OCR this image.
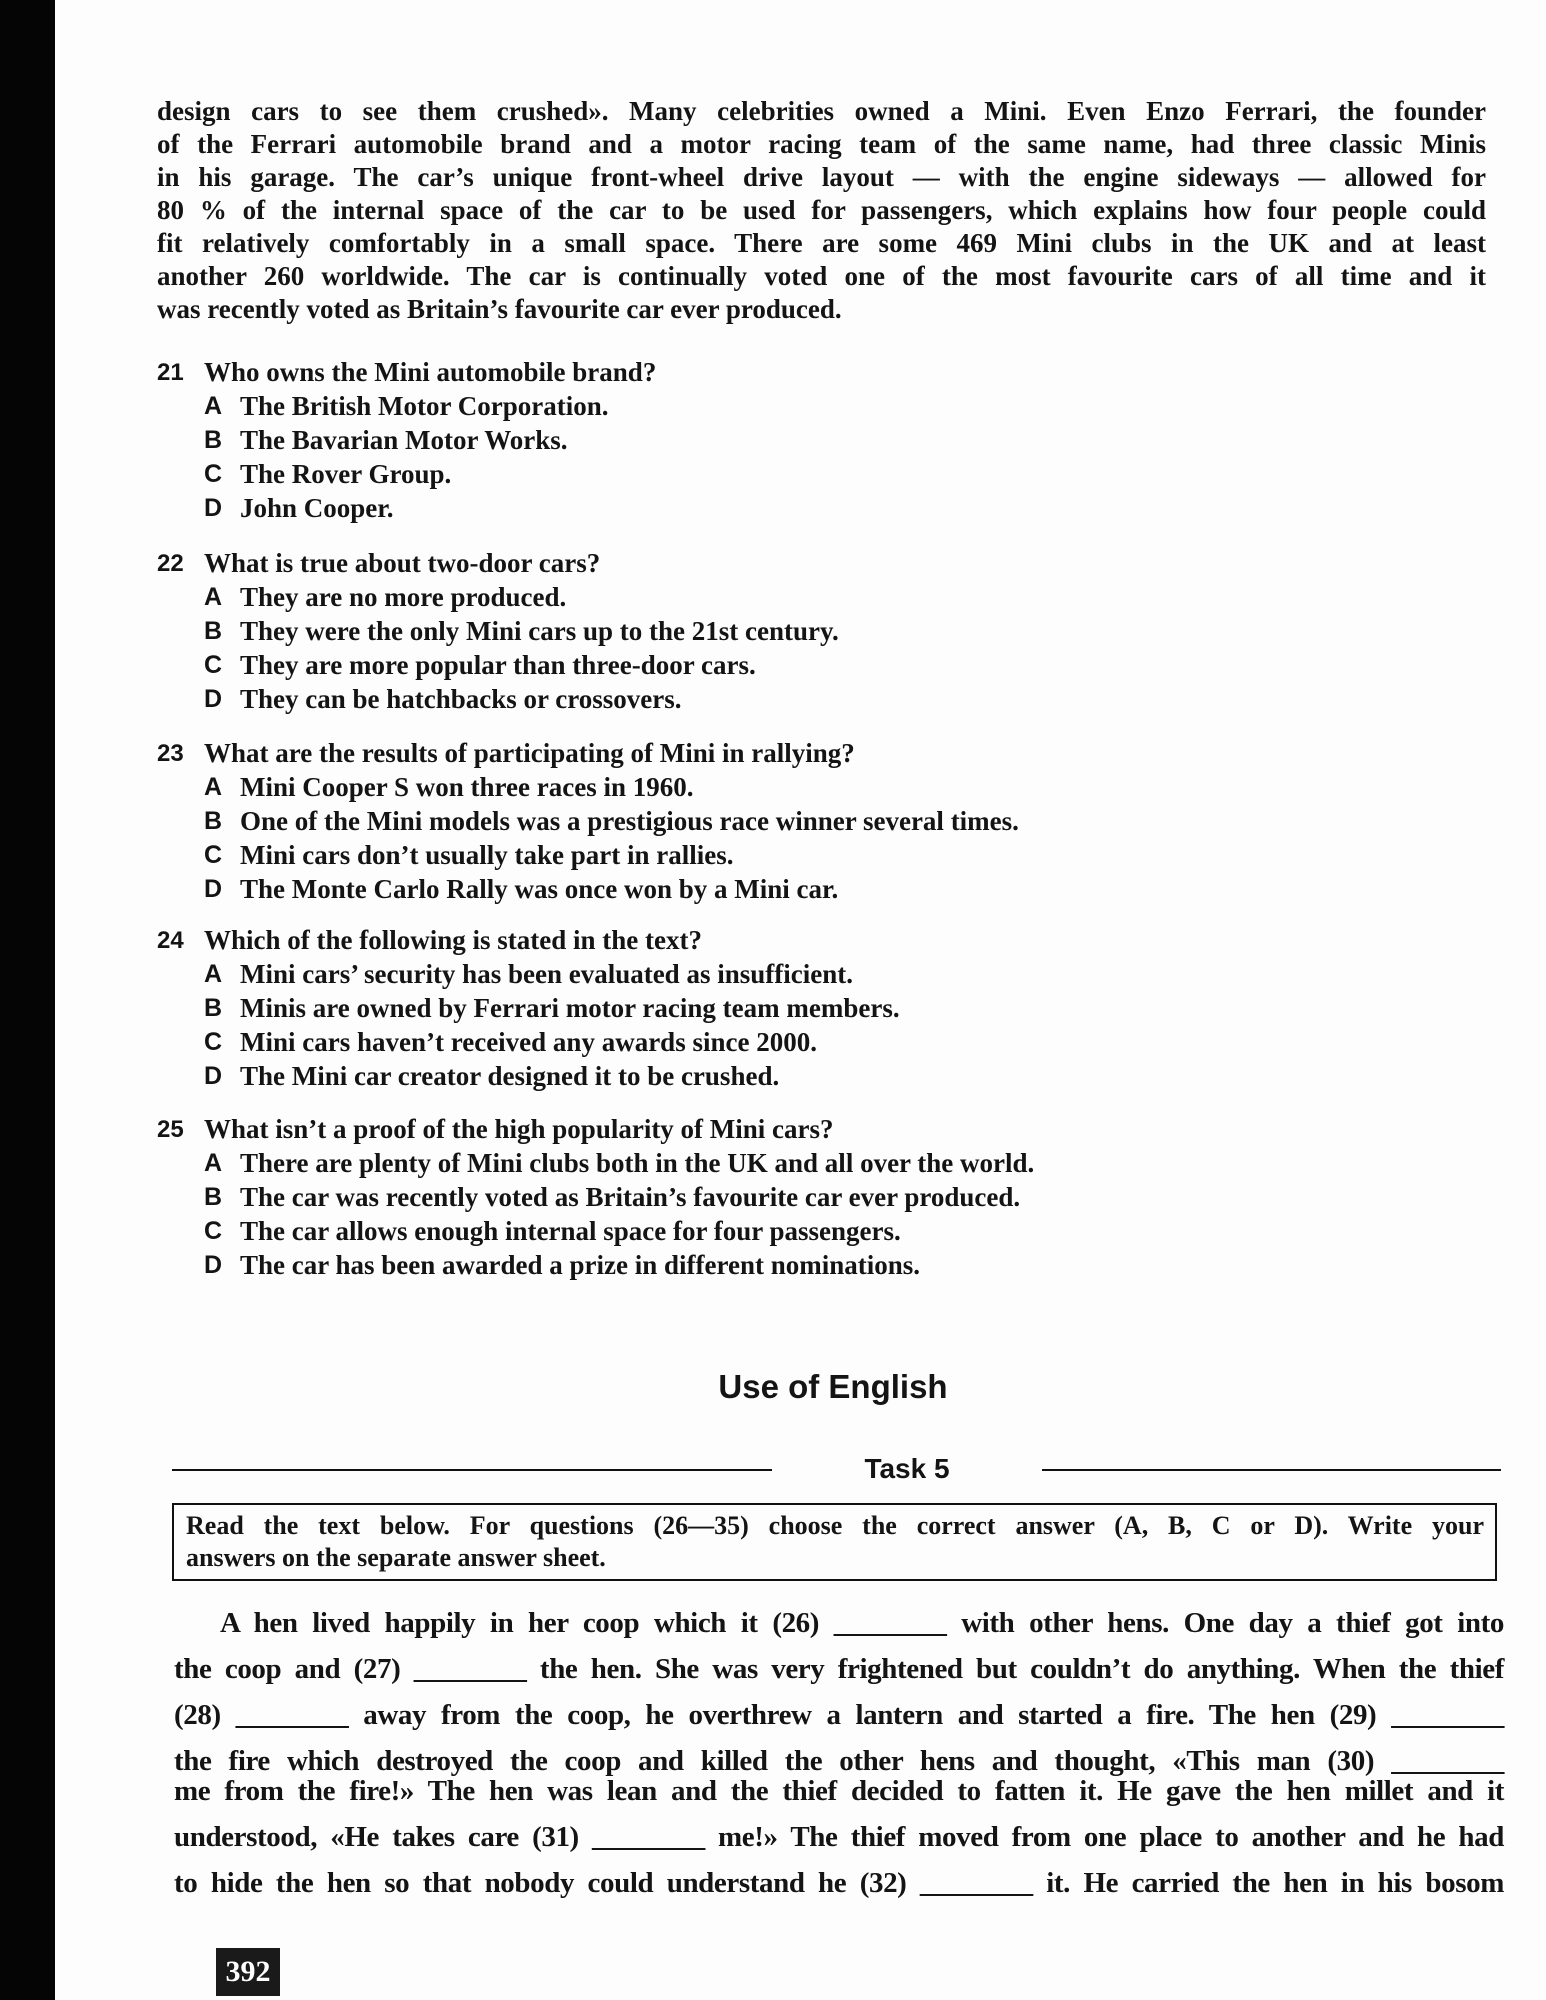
design cars to see them crushed». Many celebrities owned a Mini. Even Enzo Ferrari, the founder
of the Ferrari automobile brand and a motor racing team of the same name, had three classic Minis
in his garage. The car’s unique front-wheel drive layout — with the engine sideways — allowed for
80 % of the internal space of the car to be used for passengers, which explains how four people could
fit relatively comfortably in a small space. There are some 469 Mini clubs in the UK and at least
another 260 worldwide. The car is continually voted one of the most favourite cars of all time and it
was recently voted as Britain’s favourite car ever produced.
21 Who owns the Mini automobile brand?
A The British Motor Corporation.
B The Bavarian Motor Works.
C The Rover Group.
D John Cooper.
22 What is true about two-door cars?
A They are no more produced.
B They were the only Mini cars up to the 21st century.
C They are more popular than three-door cars.
D They can be hatchbacks or crossovers.
23 What are the results of participating of Mini in rallying?
A Mini Cooper S won three races in 1960.
B One of the Mini models was a prestigious race winner several times.
C Mini cars don’t usually take part in rallies.
D The Monte Carlo Rally was once won by a Mini car.
24 Which of the following is stated in the text?
A Mini cars’ security has been evaluated as insufficient.
B Minis are owned by Ferrari motor racing team members.
C Mini cars haven’t received any awards since 2000.
D The Mini car creator designed it to be crushed.
25 What isn’t a proof of the high popularity of Mini cars?
A There are plenty of Mini clubs both in the UK and all over the world.
B The car was recently voted as Britain’s favourite car ever produced.
C The car allows enough internal space for four passengers.
D The car has been awarded a prize in different nominations.
Use of English
Task 5
Read the text below. For questions (26—35) choose the correct answer (A, B, C or D). Write your
answers on the separate answer sheet.
A hen lived happily in her coop which it (26) ________ with other hens. One day a thief got into
the coop and (27) ________ the hen. She was very frightened but couldn’t do anything. When the thief
(28) ________ away from the coop, he overthrew a lantern and started a fire. The hen (29) ________
the fire which destroyed the coop and killed the other hens and thought, «This man (30) ________
me from the fire!» The hen was lean and the thief decided to fatten it. He gave the hen millet and it
understood, «He takes care (31) ________ me!» The thief moved from one place to another and he had
to hide the hen so that nobody could understand he (32) ________ it. He carried the hen in his bosom
392
